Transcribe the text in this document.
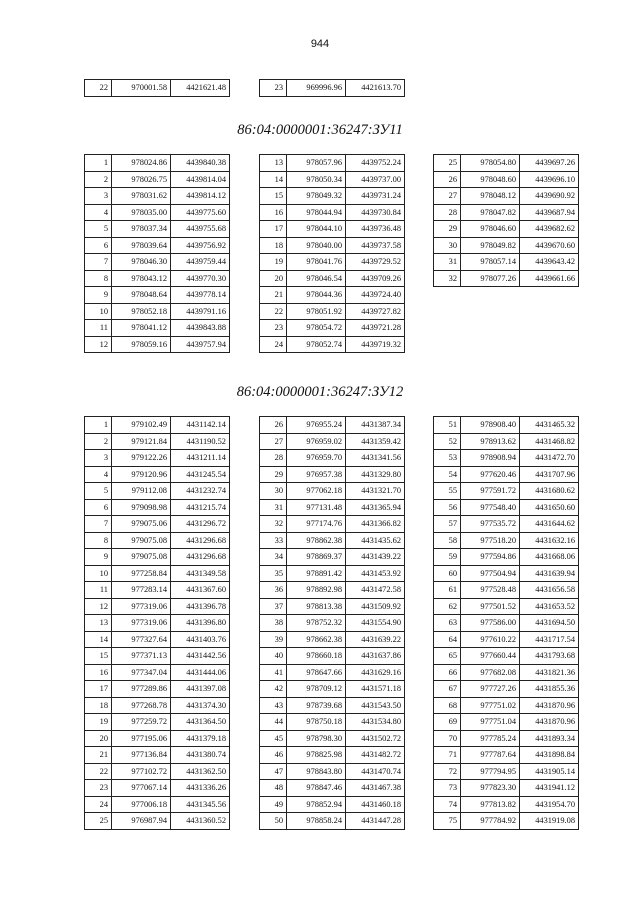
944
22	970001.58	4421621.48	23	969996.96	4421613.70
86:04:0000001:36247:ЗУ11
1	978024.86	4439840.38
2	978026.75	4439814.04
3	978031.62	4439814.12
4	978035.00	4439775.60
5	978037.34	4439755.68
6	978039.64	4439756.92
7	978046.30	4439759.44
8	978043.12	4439770.30
9	978048.64	4439778.14
10	978052.18	4439791.16
11	978041.12	4439843.88
12	978059.16	4439757.94
13	978057.96	4439752.24
14	978050.34	4439737.00
15	978049.32	4439731.24
16	978044.94	4439730.84
17	978044.10	4439736.48
18	978040.00	4439737.58
19	978041.76	4439729.52
20	978046.54	4439709.26
21	978044.36	4439724.40
22	978051.92	4439727.82
23	978054.72	4439721.28
24	978052.74	4439719.32
25	978054.80	4439697.26
26	978048.60	4439696.10
27	978048.12	4439690.92
28	978047.82	4439687.94
29	978046.60	4439682.62
30	978049.82	4439670.60
31	978057.14	4439643.42
32	978077.26	4439661.66
86:04:0000001:36247:ЗУ12
1	979102.49	4431142.14
2	979121.84	4431190.52
3	979122.26	4431211.14
4	979120.96	4431245.54
5	979112.08	4431232.74
6	979098.98	4431215.74
7	979075.06	4431296.72
8	979075.08	4431296.68
9	979075.08	4431296.68
10	977258.84	4431349.58
11	977283.14	4431367.60
12	977319.06	4431396.78
13	977319.06	4431396.80
14	977327.64	4431403.76
15	977371.13	4431442.56
16	977347.04	4431444.06
17	977289.86	4431397.08
18	977268.78	4431374.30
19	977259.72	4431364.50
20	977195.06	4431379.18
21	977136.84	4431380.74
22	977102.72	4431362.50
23	977067.14	4431336.26
24	977006.18	4431345.56
25	976987.94	4431360.52
26	976955.24	4431387.34
27	976959.02	4431359.42
28	976959.70	4431341.56
29	976957.38	4431329.80
30	977062.18	4431321.70
31	977131.48	4431365.94
32	977174.76	4431366.82
33	978862.38	4431435.62
34	978869.37	4431439.22
35	978891.42	4431453.92
36	978892.98	4431472.58
37	978813.38	4431509.92
38	978752.32	4431554.90
39	978662.38	4431639.22
40	978660.18	4431637.86
41	978647.66	4431629.16
42	978709.12	4431571.18
43	978739.68	4431543.50
44	978750.18	4431534.80
45	978798.30	4431502.72
46	978825.98	4431482.72
47	978843.80	4431470.74
48	978847.46	4431467.38
49	978852.94	4431460.18
50	978858.24	4431447.28
51	978908.40	4431465.32
52	978913.62	4431468.82
53	978908.94	4431472.70
54	977620.46	4431707.96
55	977591.72	4431680.62
56	977548.40	4431650.60
57	977535.72	4431644.62
58	977518.20	4431632.16
59	977594.86	4431668.06
60	977504.94	4431639.94
61	977528.48	4431656.58
62	977501.52	4431653.52
63	977586.00	4431694.50
64	977610.22	4431717.54
65	977660.44	4431793.68
66	977682.08	4431821.36
67	977727.26	4431855.36
68	977751.02	4431870.96
69	977751.04	4431870.96
70	977785.24	4431893.34
71	977787.64	4431898.84
72	977794.95	4431905.14
73	977823.30	4431941.12
74	977813.82	4431954.70
75	977784.92	4431919.08
